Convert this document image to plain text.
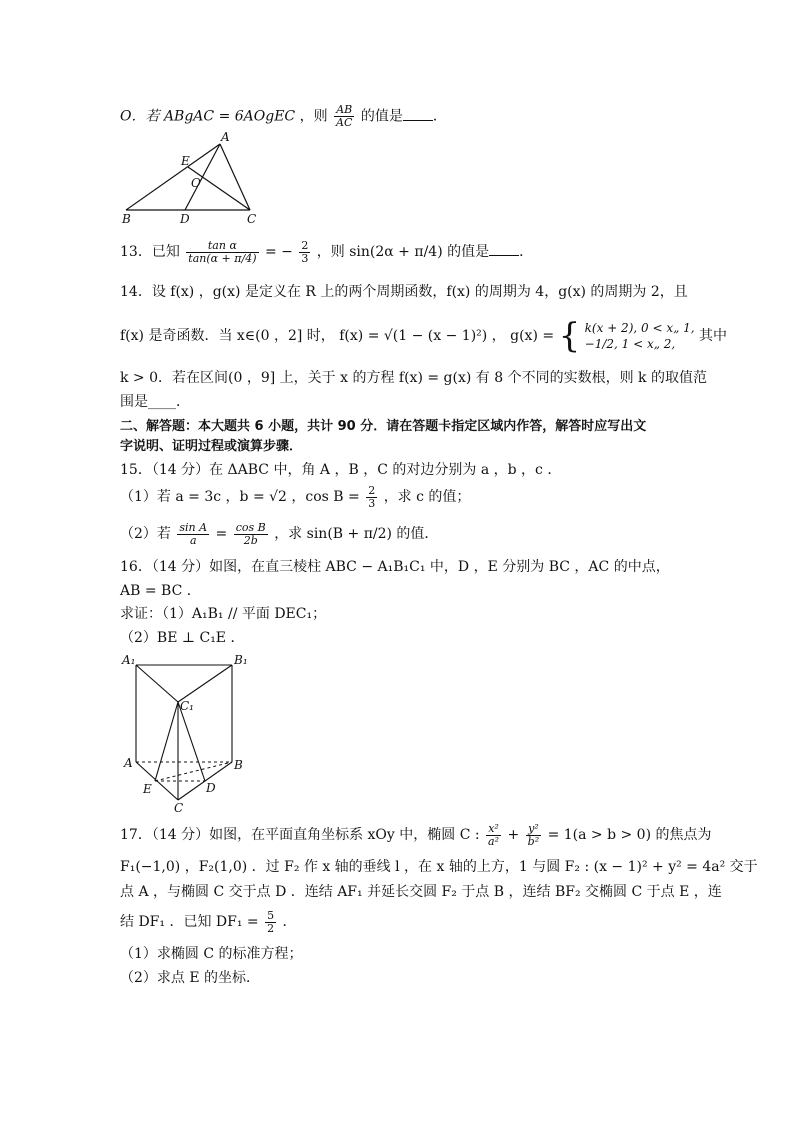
O．若 ABgAC = 6AOgEC ，则 $\frac{AB}{AC}$ 的值是 ．
A
E
O
B	D	C
13．已知 $\frac{\text{tan α}}{\tan(\alpha + \pi/4)}$ = − $\frac{2}{3}$ ，则 sin(2α + π/4) 的值是 ．
14．设 f(x) ，g(x) 是定义在 R 上的两个周期函数，f(x) 的周期为 4，g(x) 的周期为 2，且
f(x) 是奇函数．当 x∈(0 ，2] 时， f(x) = √(1 − (x − 1)²) ， g(x) = { k(x + 2), 0 < x„ 1,
−1/2, 1 < x„ 2,	其中
k > 0．若在区间(0 ，9] 上，关于 x 的方程 f(x) = g(x) 有 8 个不同的实数根，则 k 的取值范
围是____．
二、解答题：本大题共 6 小题，共计 90 分．请在答题卡指定区域内作答，解答时应写出文
字说明、证明过程或演算步骤．
15．（14 分）在 ΔABC 中，角 A ，B ，C 的对边分别为 a ，b ，c ．
（1）若 a = 3c ，b = √2 ，$\cos B = \frac{2}{3}$ ，求 c 的值；
（2）若 $\frac{\text{sin A}}{a} = \frac{\text{cos B}}{2b}$ ，求 sin(B + π/2) 的值．
16．（14 分）如图，在直三棱柱 ABC − A₁B₁C₁ 中，D ，E 分别为 BC ，AC 的中点，
AB = BC ．
求证：（1）A₁B₁ // 平面 DEC₁；
（2）BE ⊥ C₁E ．
A₁	B₁
C₁
A	B
E	D
C
17．（14 分）如图，在平面直角坐标系 xOy 中，椭圆 C : $\frac{\text{x²}}{\text{a²}} + \frac{\text{y²}}{\text{b²}} = 1(a > b > 0)$ 的焦点为
F₁(−1,0) ，F₂(1,0) ．过 F₂ 作 x 轴的垂线 l ，在 x 轴的上方，1 与圆 F₂ : (x − 1)² + y² = 4a² 交于
点 A ，与椭圆 C 交于点 D ．连结 AF₁ 并延长交圆 F₂ 于点 B ，连结 BF₂ 交椭圆 C 于点 E ，连
结 DF₁ ．已知 $DF_1 = \frac{5}{2}$ ．
（1）求椭圆 C 的标准方程；
（2）求点 E 的坐标．
